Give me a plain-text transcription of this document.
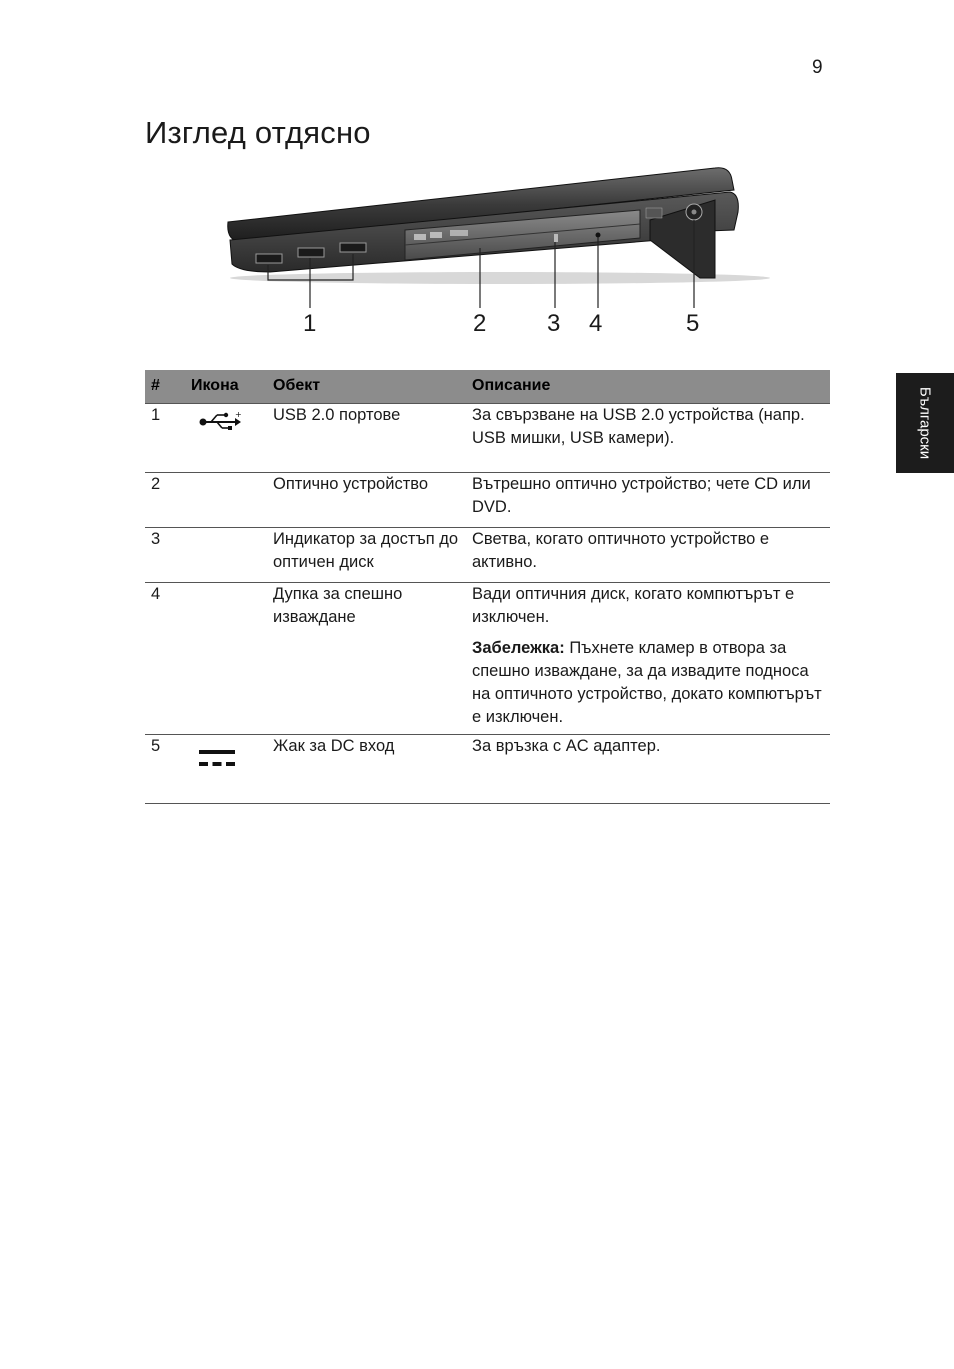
9
Изглед отдясно
Български
1	2	3 4	5
#	Икона	Обект	Описание
1	+	USB 2.0 портове	За свързване на USB 2.0 устройства (напр. USB мишки, USB камери).
2		Оптично устройство	Вътрешно оптично устройство; чете CD или DVD.
3		Индикатор за достъп до оптичен диск	Светва, когато оптичното устройство е активно.
4		Дупка за спешно изваждане	Вади оптичния диск, когато компютърът е изключен.

Забележка: Пъхнете кламер в отвора за спешно изваждане, за да извадите подноса на оптичното устройство, докато компютърът е изключен.

5		Жак за DC вход	За връзка с AC адаптер.
